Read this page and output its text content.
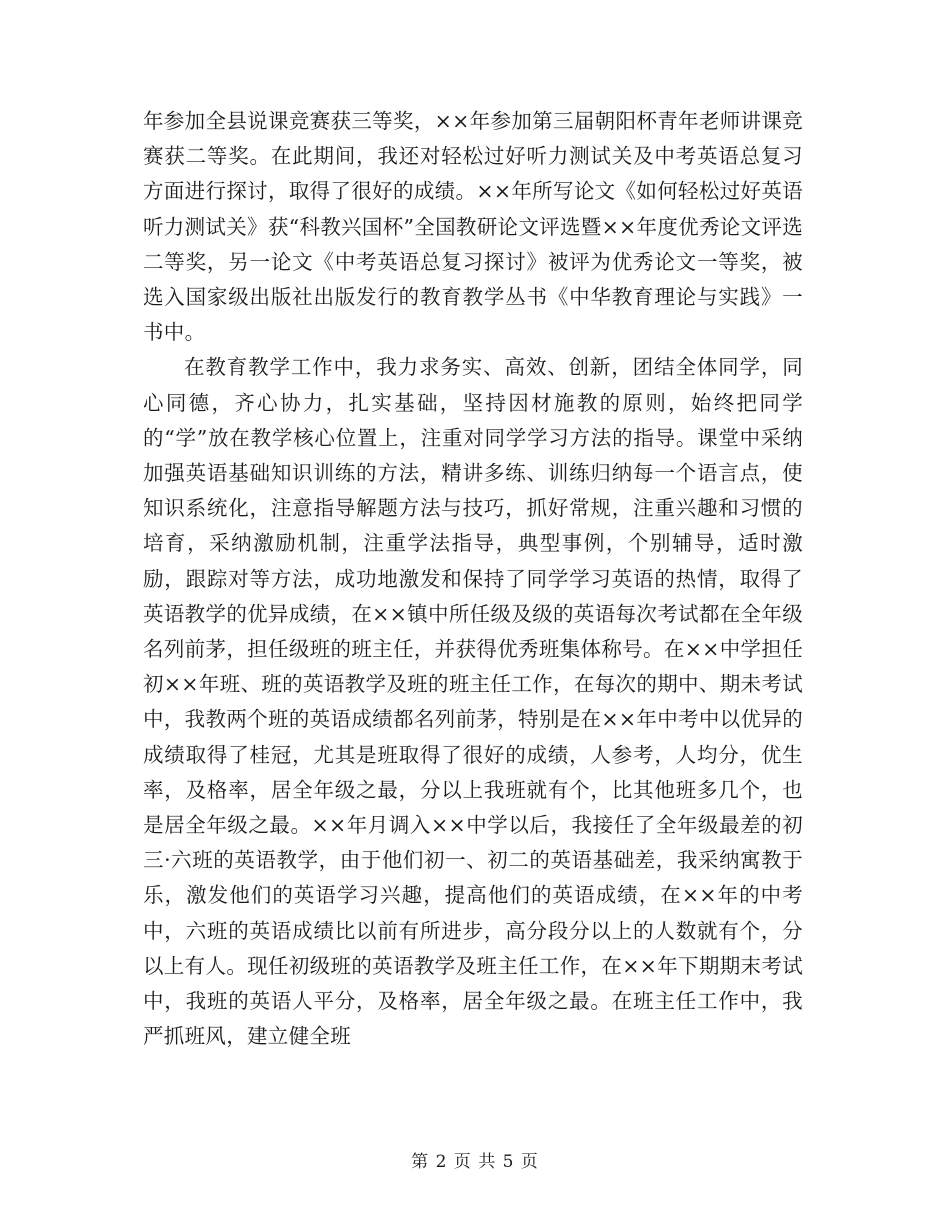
年参加全县说课竞赛获三等奖，××年参加第三届朝阳杯青年老师讲课竞赛获二等奖。在此期间，我还对轻松过好听力测试关及中考英语总复习方面进行探讨，取得了很好的成绩。××年所写论文《如何轻松过好英语听力测试关》获“科教兴国杯”全国教研论文评选暨××年度优秀论文评选二等奖，另一论文《中考英语总复习探讨》被评为优秀论文一等奖，被选入国家级出版社出版发行的教育教学丛书《中华教育理论与实践》一书中。

在教育教学工作中，我力求务实、高效、创新，团结全体同学，同心同德，齐心协力，扎实基础，坚持因材施教的原则，始终把同学的“学”放在教学核心位置上，注重对同学学习方法的指导。课堂中采纳加强英语基础知识训练的方法，精讲多练、训练归纳每一个语言点，使知识系统化，注意指导解题方法与技巧，抓好常规，注重兴趣和习惯的培育，采纳激励机制，注重学法指导，典型事例，个别辅导，适时激励，跟踪对等方法，成功地激发和保持了同学学习英语的热情，取得了英语教学的优异成绩，在××镇中所任级及级的英语每次考试都在全年级名列前茅，担任级班的班主任，并获得优秀班集体称号。在××中学担任初××年班、班的英语教学及班的班主任工作，在每次的期中、期未考试中，我教两个班的英语成绩都名列前茅，特别是在××年中考中以优异的成绩取得了桂冠，尤其是班取得了很好的成绩，人参考，人均分，优生率，及格率，居全年级之最，分以上我班就有个，比其他班多几个，也是居全年级之最。××年月调入××中学以后，我接任了全年级最差的初三·六班的英语教学，由于他们初一、初二的英语基础差，我采纳寓教于乐，激发他们的英语学习兴趣，提高他们的英语成绩，在××年的中考中，六班的英语成绩比以前有所进步，高分段分以上的人数就有个，分以上有人。现任初级班的英语教学及班主任工作，在××年下期期末考试中，我班的英语人平分，及格率，居全年级之最。在班主任工作中，我严抓班风，建立健全班

第 2 页 共 5 页
